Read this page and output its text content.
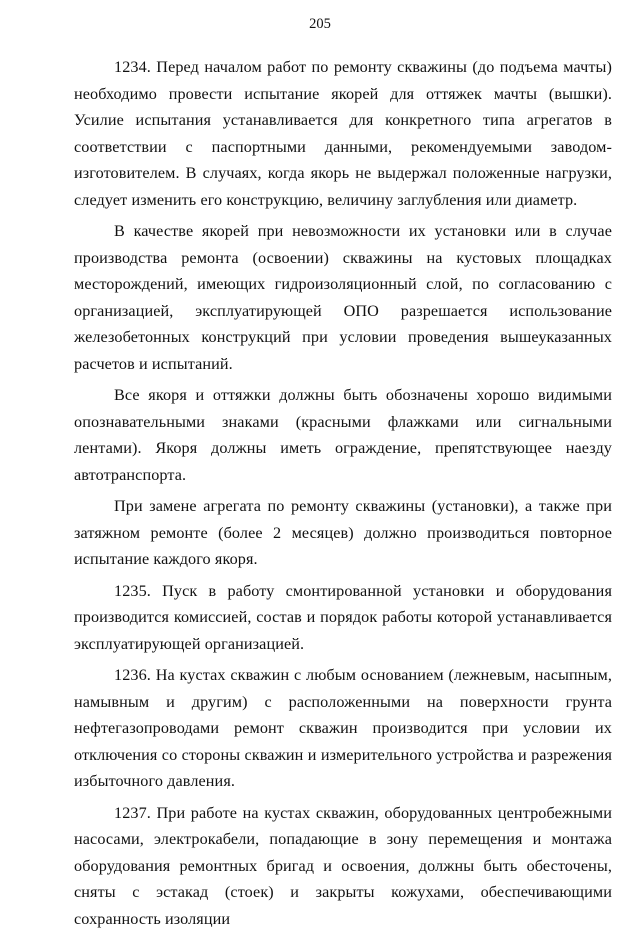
205

1234. Перед началом работ по ремонту скважины (до подъема мачты) необходимо провести испытание якорей для оттяжек мачты (вышки). Усилие испытания устанавливается для конкретного типа агрегатов в соответствии с паспортными данными, рекомендуемыми заводом-изготовителем. В случаях, когда якорь не выдержал положенные нагрузки, следует изменить его конструкцию, величину заглубления или диаметр.

В качестве якорей при невозможности их установки или в случае производства ремонта (освоении) скважины на кустовых площадках месторождений, имеющих гидроизоляционный слой, по согласованию с организацией, эксплуатирующей ОПО разрешается использование железобетонных конструкций при условии проведения вышеуказанных расчетов и испытаний.

Все якоря и оттяжки должны быть обозначены хорошо видимыми опознавательными знаками (красными флажками или сигнальными лентами). Якоря должны иметь ограждение, препятствующее наезду автотранспорта.

При замене агрегата по ремонту скважины (установки), а также при затяжном ремонте (более 2 месяцев) должно производиться повторное испытание каждого якоря.

1235. Пуск в работу смонтированной установки и оборудования производится комиссией, состав и порядок работы которой устанавливается эксплуатирующей организацией.

1236. На кустах скважин с любым основанием (лежневым, насыпным, намывным и другим) с расположенными на поверхности грунта нефтегазопроводами ремонт скважин производится при условии их отключения со стороны скважин и измерительного устройства и разрежения избыточного давления.

1237. При работе на кустах скважин, оборудованных центробежными насосами, электрокабели, попадающие в зону перемещения и монтажа оборудования ремонтных бригад и освоения, должны быть обесточены, сняты с эстакад (стоек) и закрыты кожухами, обеспечивающими сохранность изоляции
